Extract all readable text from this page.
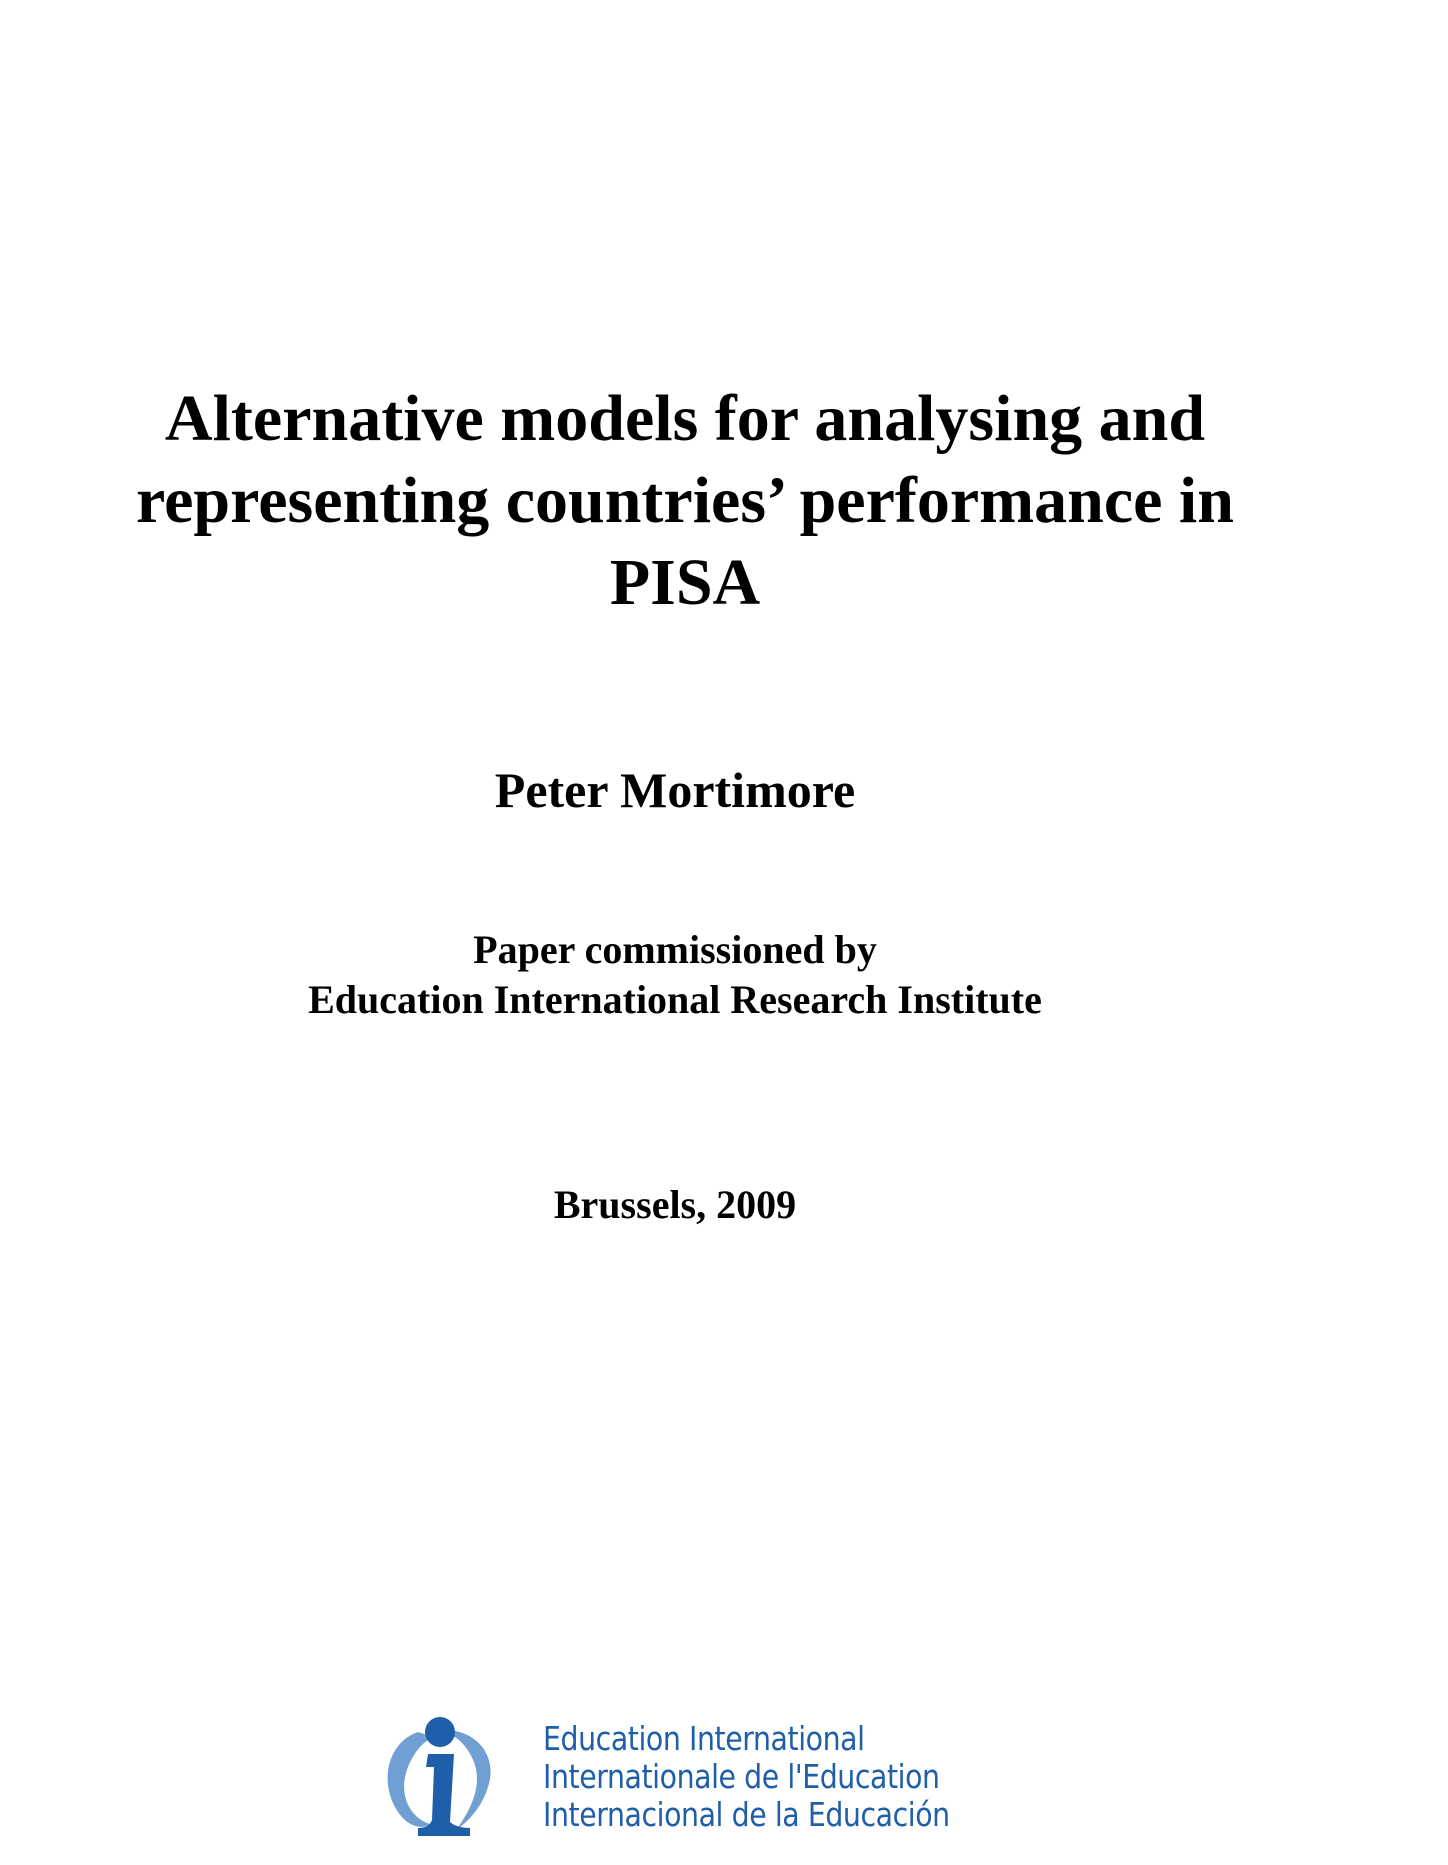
Alternative models for analysing and
representing countries’ performance in
PISA

Peter Mortimore

Paper commissioned by
Education International Research Institute
Brussels, 2009
Education International
Internationale de l'Education
Internacional de la Educación
